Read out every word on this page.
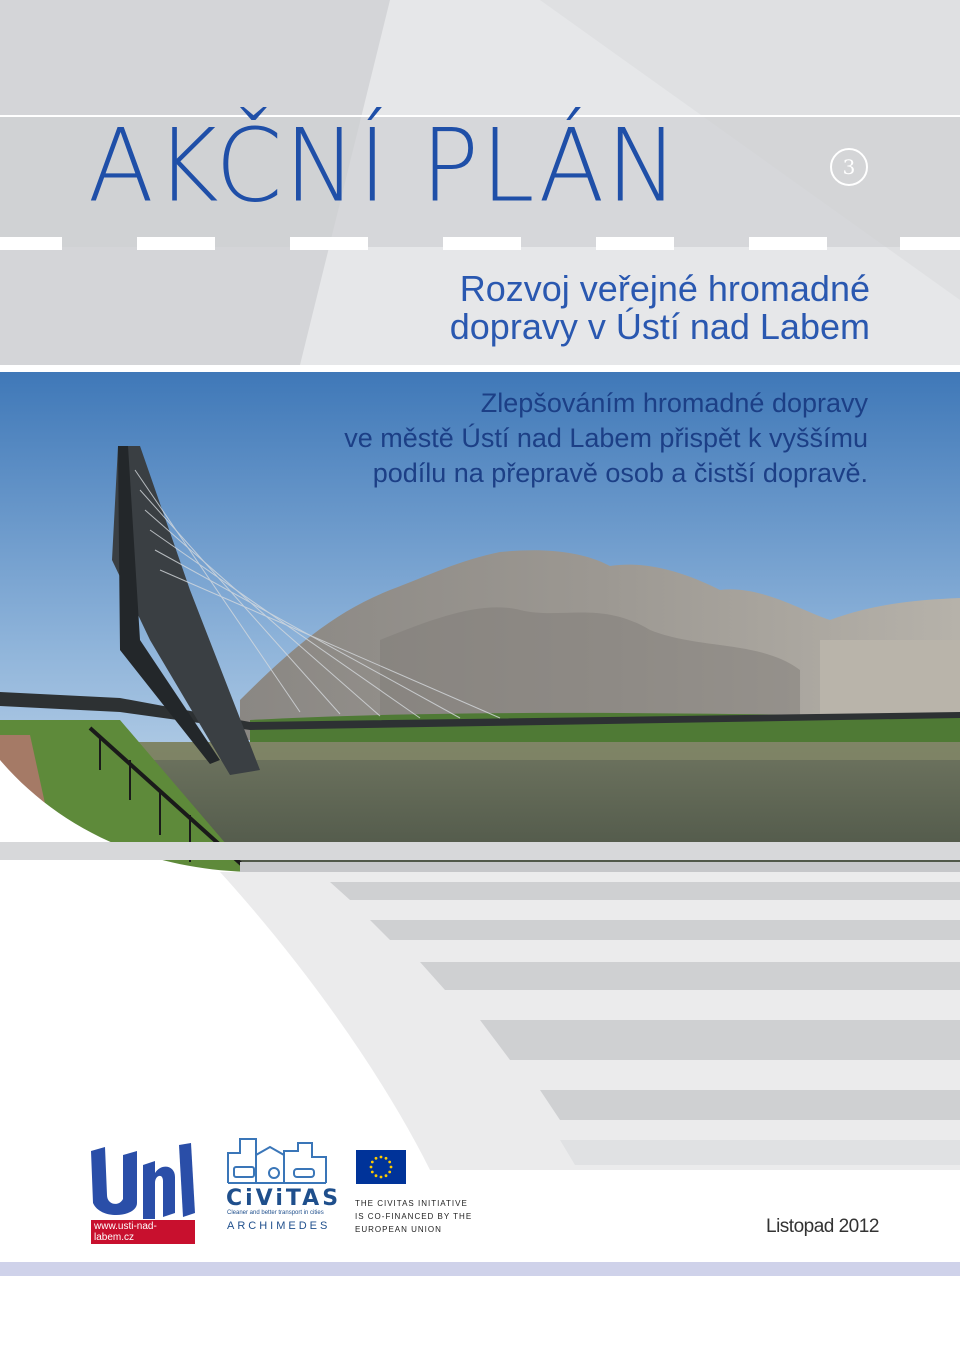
AKČNÍ PLÁN	3
Rozvoj veřejné hromadné
dopravy v Ústí nad Labem
Zlepšováním hromadné dopravy
ve městě Ústí nad Labem přispět k vyššímu
podílu na přepravě osob a čistší dopravě.
www.usti-nad-labem.cz
CiViTAS
Cleaner and better transport in cities
ARCHIMEDES
THE CIVITAS INITIATIVE
IS CO-FINANCED BY THE
EUROPEAN UNION	Listopad 2012
